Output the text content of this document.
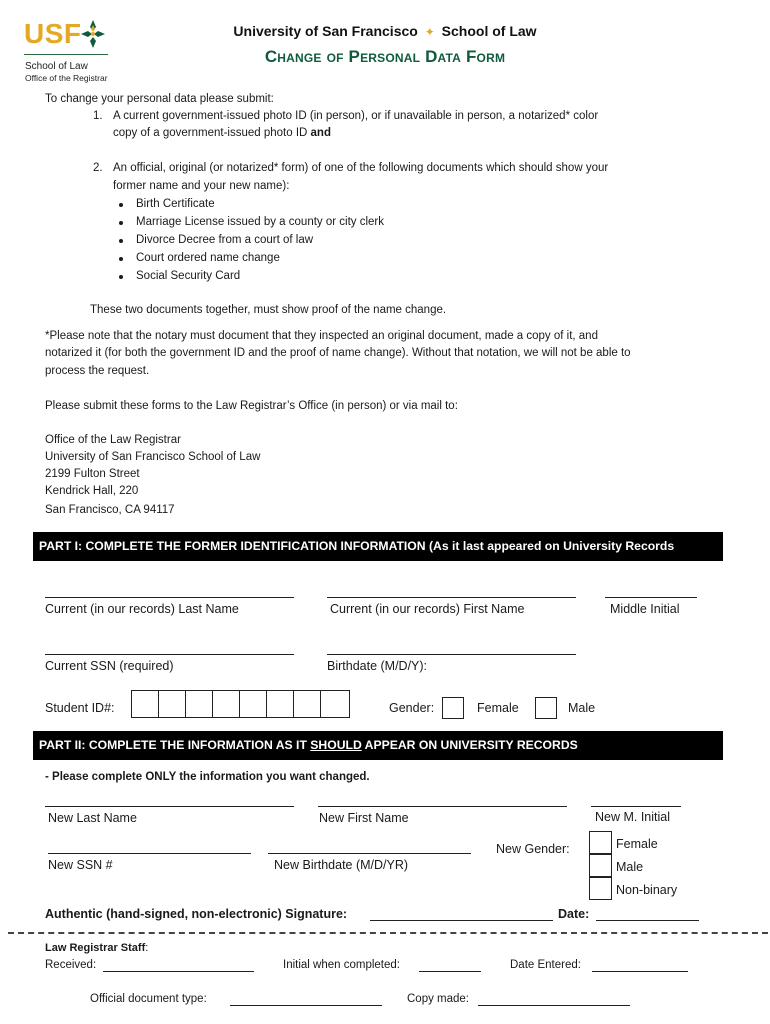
USF
School of Law
Office of the Registrar
University of San Francisco ✦ School of Law
Change of Personal Data Form
To change your personal data please submit:
1. A current government-issued photo ID (in person), or if unavailable in person, a notarized* color
copy of a government-issued photo ID and
2. An official, original (or notarized* form) of one of the following documents which should show your
former name and your new name):
Birth Certificate
Marriage License issued by a county or city clerk
Divorce Decree from a court of law
Court ordered name change
Social Security Card
These two documents together, must show proof of the name change.
*Please note that the notary must document that they inspected an original document, made a copy of it, and
notarized it (for both the government ID and the proof of name change). Without that notation, we will not be able to
process the request.
Please submit these forms to the Law Registrar’s Office (in person) or via mail to:
Office of the Law Registrar
University of San Francisco School of Law
2199 Fulton Street
Kendrick Hall, 220
San Francisco, CA 94117
PART I: COMPLETE THE FORMER IDENTIFICATION INFORMATION (As it last appeared on University Records
Current (in our records) Last Name	Current (in our records) First Name	Middle Initial
Current SSN (required)	Birthdate (M/D/Y):
Student ID#:	Gender:	Female	Male
PART II: COMPLETE THE INFORMATION AS IT SHOULD APPEAR ON UNIVERSITY RECORDS
- Please complete ONLY the information you want changed.
New Last Name	New First Name	New M. Initial
New SSN #	New Birthdate (M/D/YR)
New Gender:	Female
Male
Non-binary
Authentic (hand-signed, non-electronic) Signature:	Date:
Law Registrar Staff:
Received:	Initial when completed:	Date Entered:
Official document type:	Copy made:
